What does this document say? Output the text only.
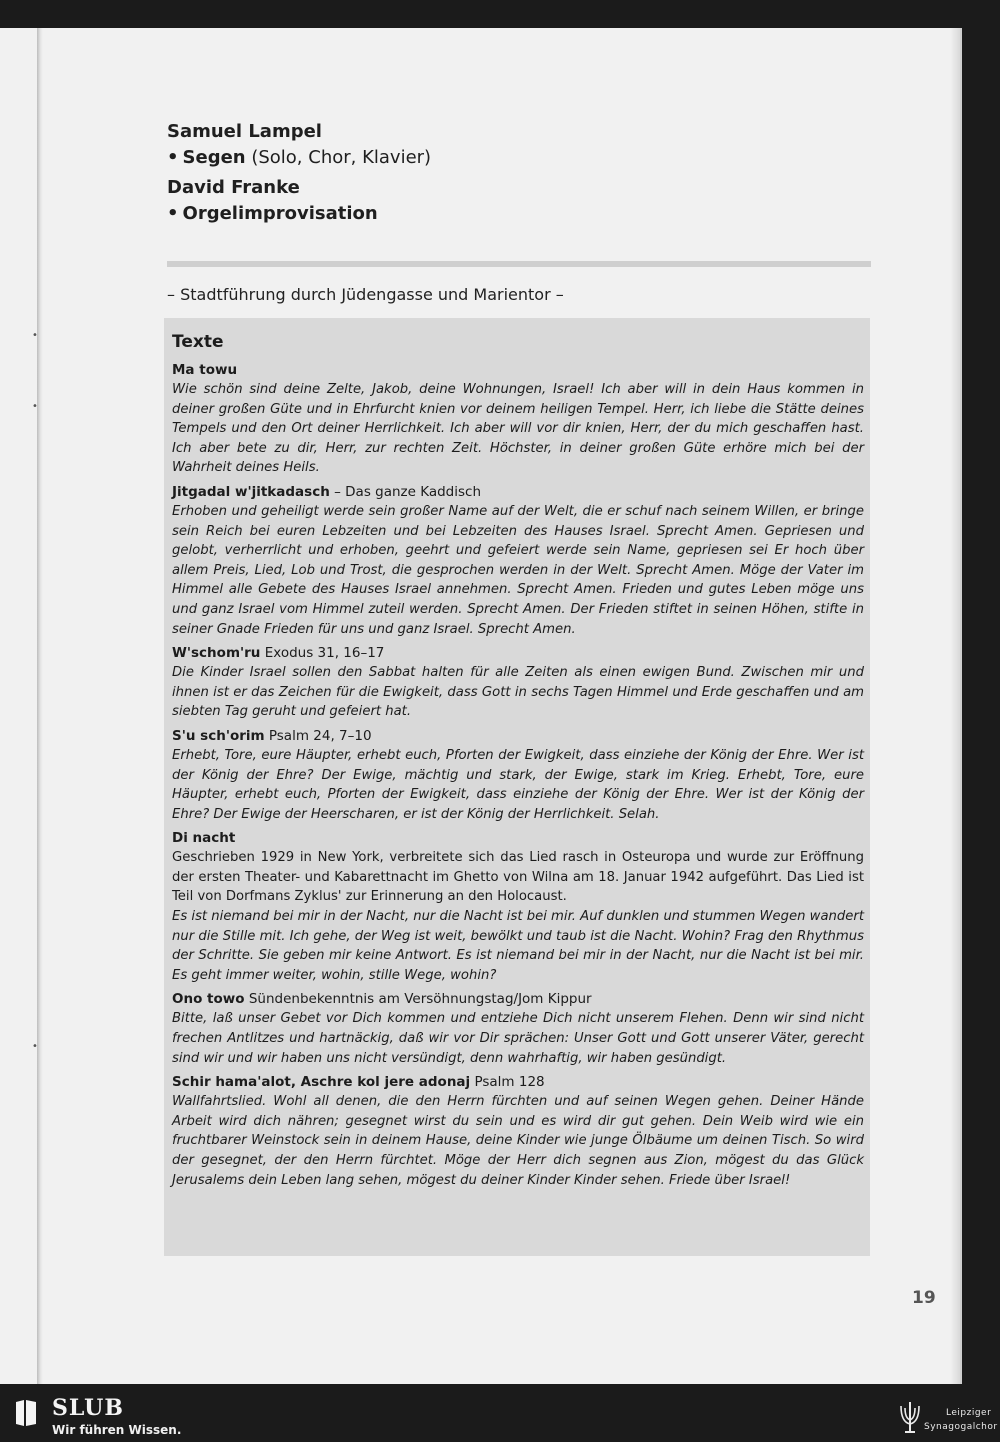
•
•
•

Samuel Lampel

• Segen (Solo, Chor, Klavier)

David Franke

• Orgelimprovisation

– Stadtführung durch Jüdengasse und Marientor –

Texte

Ma towu

Wie schön sind deine Zelte, Jakob, deine Wohnungen, Israel! Ich aber will in dein Haus kommen in deiner großen Güte und in Ehrfurcht knien vor deinem heiligen Tempel. Herr, ich liebe die Stätte deines Tempels und den Ort deiner Herrlichkeit. Ich aber will vor dir knien, Herr, der du mich geschaffen hast. Ich aber bete zu dir, Herr, zur rechten Zeit. Höchster, in deiner großen Güte erhöre mich bei der Wahrheit deines Heils.

Jitgadal w'jitkadasch – Das ganze Kaddisch

Erhoben und geheiligt werde sein großer Name auf der Welt, die er schuf nach seinem Willen, er bringe sein Reich bei euren Lebzeiten und bei Lebzeiten des Hauses Israel. Sprecht Amen. Gepriesen und gelobt, verherrlicht und erhoben, geehrt und gefeiert werde sein Name, gepriesen sei Er hoch über allem Preis, Lied, Lob und Trost, die gesprochen werden in der Welt. Sprecht Amen. Möge der Vater im Himmel alle Gebete des Hauses Israel annehmen. Sprecht Amen. Frieden und gutes Leben möge uns und ganz Israel vom Himmel zuteil werden. Sprecht Amen. Der Frieden stiftet in seinen Höhen, stifte in seiner Gnade Frieden für uns und ganz Israel. Sprecht Amen.

W'schom'ru Exodus 31, 16–17

Die Kinder Israel sollen den Sabbat halten für alle Zeiten als einen ewigen Bund. Zwischen mir und ihnen ist er das Zeichen für die Ewigkeit, dass Gott in sechs Tagen Himmel und Erde geschaffen und am siebten Tag geruht und gefeiert hat.

S'u sch'orim Psalm 24, 7–10

Erhebt, Tore, eure Häupter, erhebt euch, Pforten der Ewigkeit, dass einziehe der König der Ehre. Wer ist der König der Ehre? Der Ewige, mächtig und stark, der Ewige, stark im Krieg. Erhebt, Tore, eure Häupter, erhebt euch, Pforten der Ewigkeit, dass einziehe der König der Ehre. Wer ist der König der Ehre? Der Ewige der Heerscharen, er ist der König der Herrlichkeit. Selah.

Di nacht

Geschrieben 1929 in New York, verbreitete sich das Lied rasch in Osteuropa und wurde zur Eröffnung der ersten Theater- und Kabarettnacht im Ghetto von Wilna am 18. Januar 1942 aufgeführt. Das Lied ist Teil von Dorfmans Zyklus' zur Erinnerung an den Holocaust.

Es ist niemand bei mir in der Nacht, nur die Nacht ist bei mir. Auf dunklen und stummen Wegen wandert nur die Stille mit. Ich gehe, der Weg ist weit, bewölkt und taub ist die Nacht. Wohin? Frag den Rhythmus der Schritte. Sie geben mir keine Antwort. Es ist niemand bei mir in der Nacht, nur die Nacht ist bei mir. Es geht immer weiter, wohin, stille Wege, wohin?

Ono towo Sündenbekenntnis am Versöhnungstag/Jom Kippur

Bitte, laß unser Gebet vor Dich kommen und entziehe Dich nicht unserem Flehen. Denn wir sind nicht frechen Antlitzes und hartnäckig, daß wir vor Dir sprächen: Unser Gott und Gott unserer Väter, gerecht sind wir und wir haben uns nicht versündigt, denn wahrhaftig, wir haben gesündigt.

Schir hama'alot, Aschre kol jere adonaj Psalm 128

Wallfahrtslied. Wohl all denen, die den Herrn fürchten und auf seinen Wegen gehen. Deiner Hände Arbeit wird dich nähren; gesegnet wirst du sein und es wird dir gut gehen. Dein Weib wird wie ein fruchtbarer Weinstock sein in deinem Hause, deine Kinder wie junge Ölbäume um deinen Tisch. So wird der gesegnet, der den Herrn fürchtet. Möge der Herr dich segnen aus Zion, mögest du das Glück Jerusalems dein Leben lang sehen, mögest du deiner Kinder Kinder sehen. Friede über Israel!

19
SLUB
Wir führen Wissen.
Leipziger
Synagogalchor
